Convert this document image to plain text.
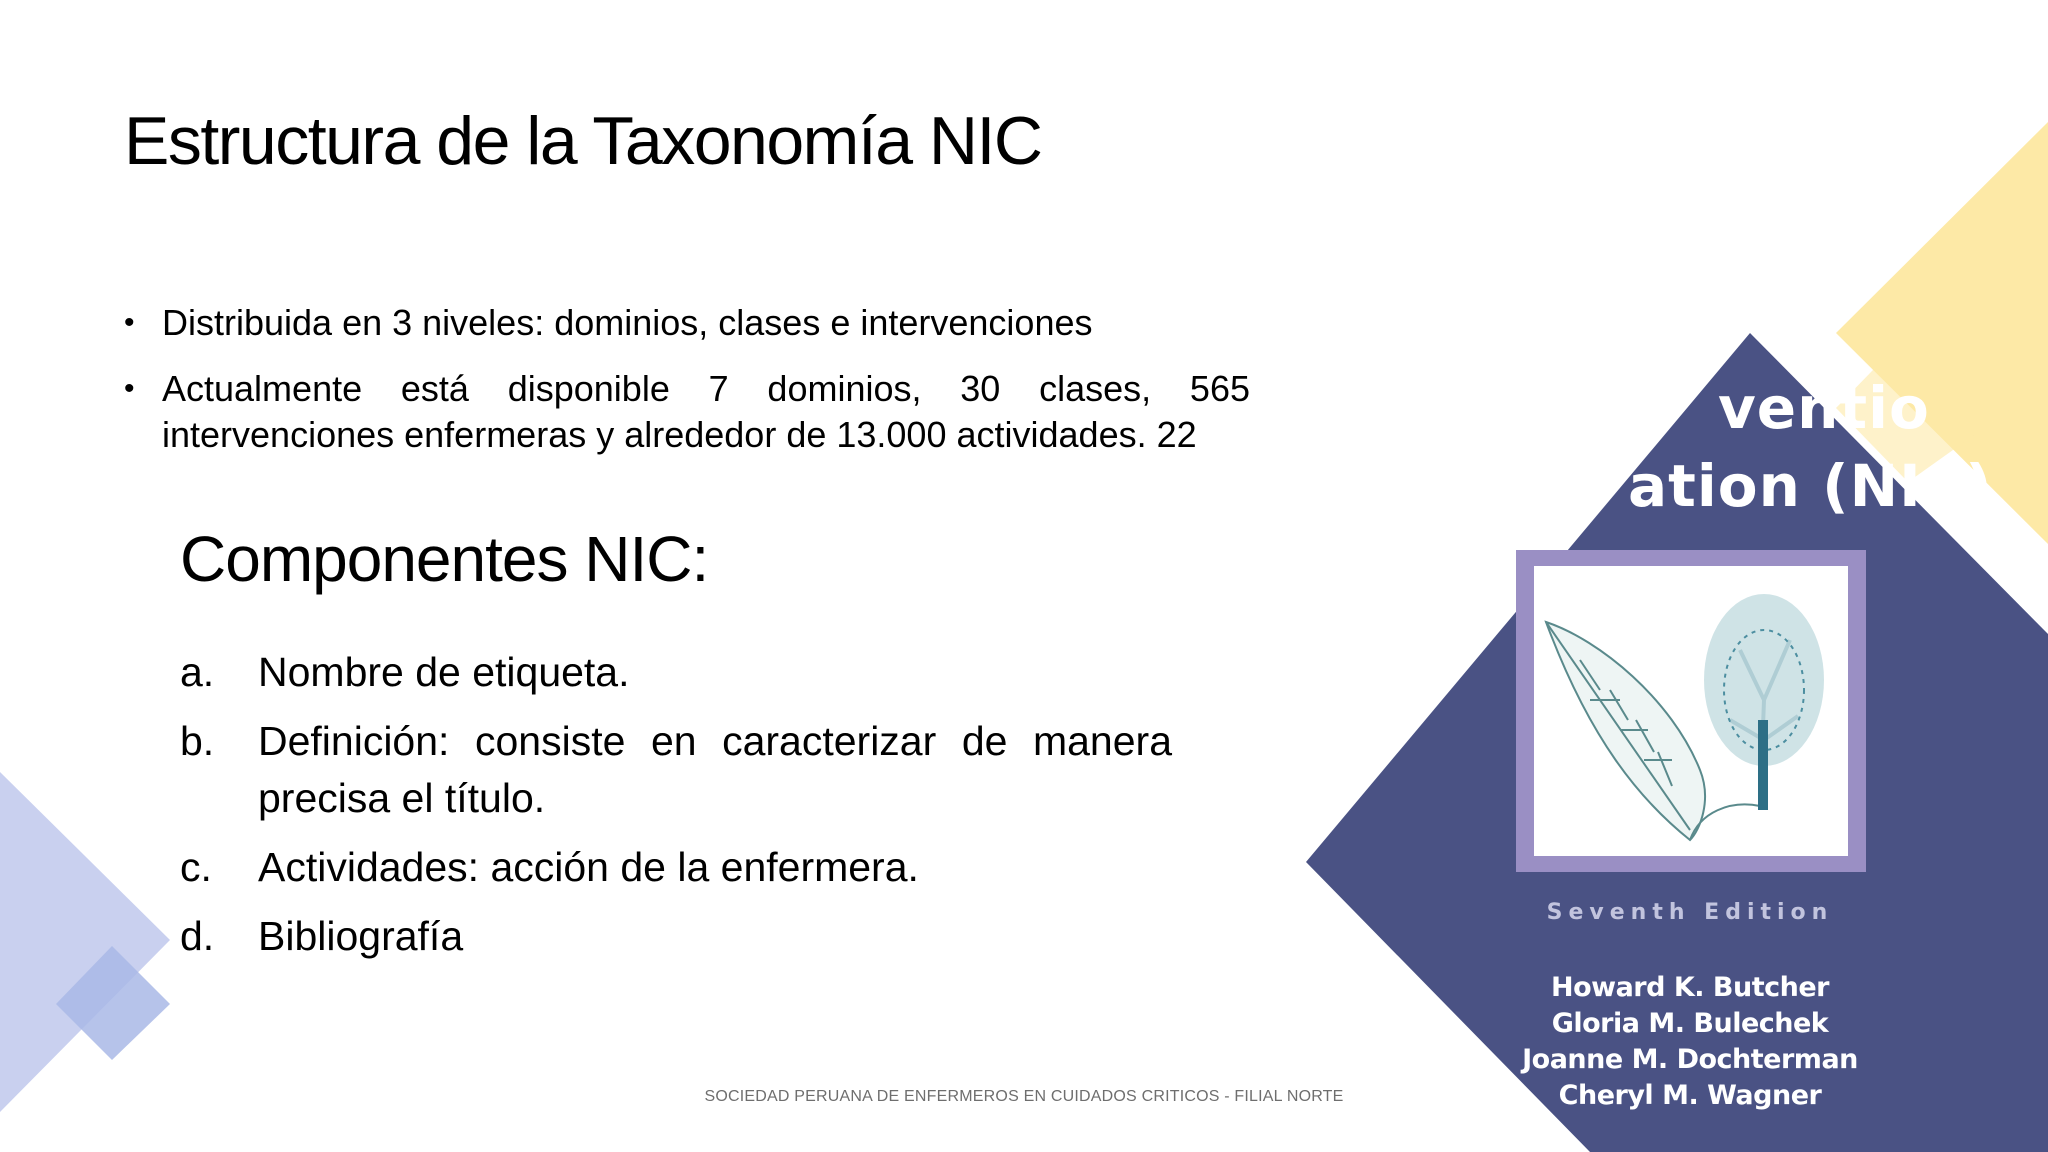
ventio
ation (NIC)
Seventh Edition
Howard K. Butcher
Gloria M. Bulechek
Joanne M. Dochterman
Cheryl M. Wagner
Estructura de la Taxonomía NIC
• Distribuida en 3 niveles: dominios, clases e intervenciones
• Actualmente está disponible 7 dominios, 30 clases, 565 intervenciones enfermeras y alrededor de 13.000 actividades. 22
Componentes NIC:
a. Nombre de etiqueta.
b. Definición: consiste en caracterizar de manera precisa el título.
c. Actividades: acción de la enfermera.
d. Bibliografía
SOCIEDAD PERUANA DE ENFERMEROS EN CUIDADOS CRITICOS - FILIAL NORTE
